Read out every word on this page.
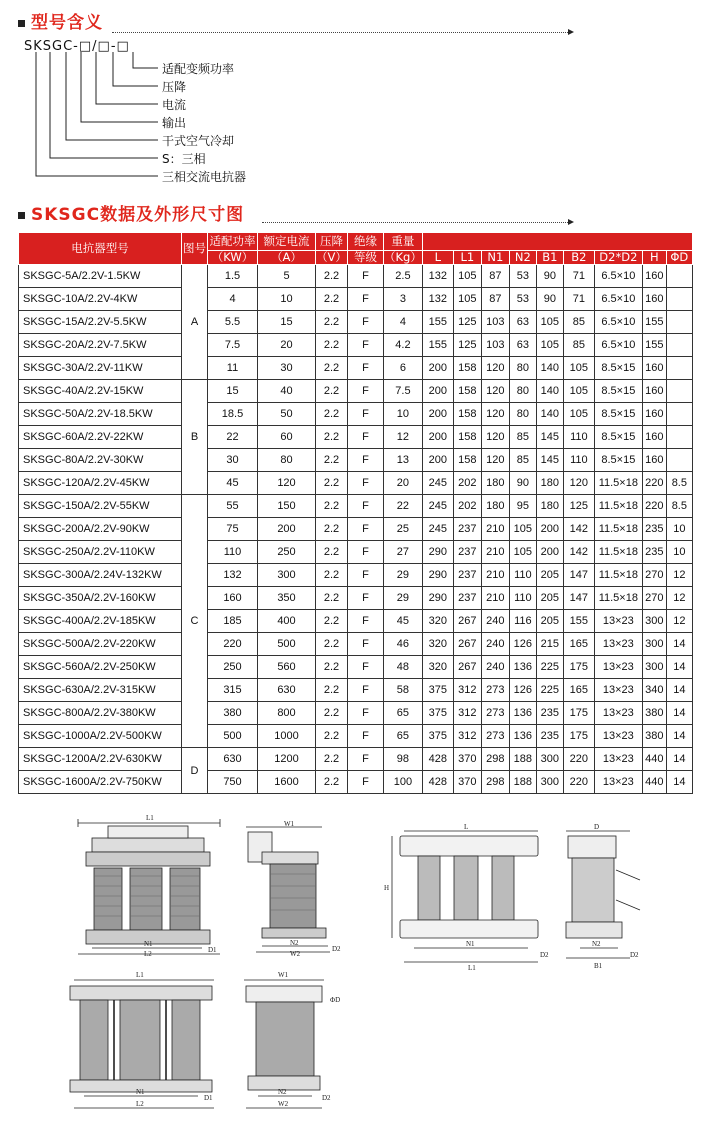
型号含义
SKSGC-□/□-□
适配变频功率
压降
电流
输出
干式空气冷却
S：三相
三相交流电抗器
SKSGC数据及外形尺寸图
电抗器型号	图号	适配功率	额定电流	压降	绝缘	重量									
		（KW）	（A）	（V）	等级	（Kg）	L	L1	N1	N2	B1	B2	D2*D2	H	ΦD
SKSGC-5A/2.2V-1.5KW	A	1.5	5	2.2	F	2.5	132	105	87	53	90	71	6.5×10	160	
SKSGC-10A/2.2V-4KW		4	10	2.2	F	3	132	105	87	53	90	71	6.5×10	160	
SKSGC-15A/2.2V-5.5KW		5.5	15	2.2	F	4	155	125	103	63	105	85	6.5×10	155	
SKSGC-20A/2.2V-7.5KW		7.5	20	2.2	F	4.2	155	125	103	63	105	85	6.5×10	155	
SKSGC-30A/2.2V-11KW		11	30	2.2	F	6	200	158	120	80	140	105	8.5×15	160	
SKSGC-40A/2.2V-15KW	B	15	40	2.2	F	7.5	200	158	120	80	140	105	8.5×15	160	
SKSGC-50A/2.2V-18.5KW		18.5	50	2.2	F	10	200	158	120	80	140	105	8.5×15	160	
SKSGC-60A/2.2V-22KW		22	60	2.2	F	12	200	158	120	85	145	110	8.5×15	160	
SKSGC-80A/2.2V-30KW		30	80	2.2	F	13	200	158	120	85	145	110	8.5×15	160	
SKSGC-120A/2.2V-45KW		45	120	2.2	F	20	245	202	180	90	180	120	11.5×18	220	8.5
SKSGC-150A/2.2V-55KW	C	55	150	2.2	F	22	245	202	180	95	180	125	11.5×18	220	8.5
SKSGC-200A/2.2V-90KW		75	200	2.2	F	25	245	237	210	105	200	142	11.5×18	235	10
SKSGC-250A/2.2V-110KW		110	250	2.2	F	27	290	237	210	105	200	142	11.5×18	235	10
SKSGC-300A/2.24V-132KW		132	300	2.2	F	29	290	237	210	110	205	147	11.5×18	270	12
SKSGC-350A/2.2V-160KW		160	350	2.2	F	29	290	237	210	110	205	147	11.5×18	270	12
SKSGC-400A/2.2V-185KW		185	400	2.2	F	45	320	267	240	116	205	155	13×23	300	12
SKSGC-500A/2.2V-220KW		220	500	2.2	F	46	320	267	240	126	215	165	13×23	300	14
SKSGC-560A/2.2V-250KW		250	560	2.2	F	48	320	267	240	136	225	175	13×23	300	14
SKSGC-630A/2.2V-315KW		315	630	2.2	F	58	375	312	273	126	225	165	13×23	340	14
SKSGC-800A/2.2V-380KW		380	800	2.2	F	65	375	312	273	136	235	175	13×23	380	14
SKSGC-1000A/2.2V-500KW		500	1000	2.2	F	65	375	312	273	136	235	175	13×23	380	14
SKSGC-1200A/2.2V-630KW	D	630	1200	2.2	F	98	428	370	298	188	300	220	13×23	440	14
SKSGC-1600A/2.2V-750KW		750	1600	2.2	F	100	428	370	298	188	300	220	13×23	440	14
L1
N1
L2	D1
W1
N2
W2
D2
L
H
N1
D2
L1
D
N2
D2
B1
L1
N1
D1
L2
W1
ΦD
N2
D2
W2
